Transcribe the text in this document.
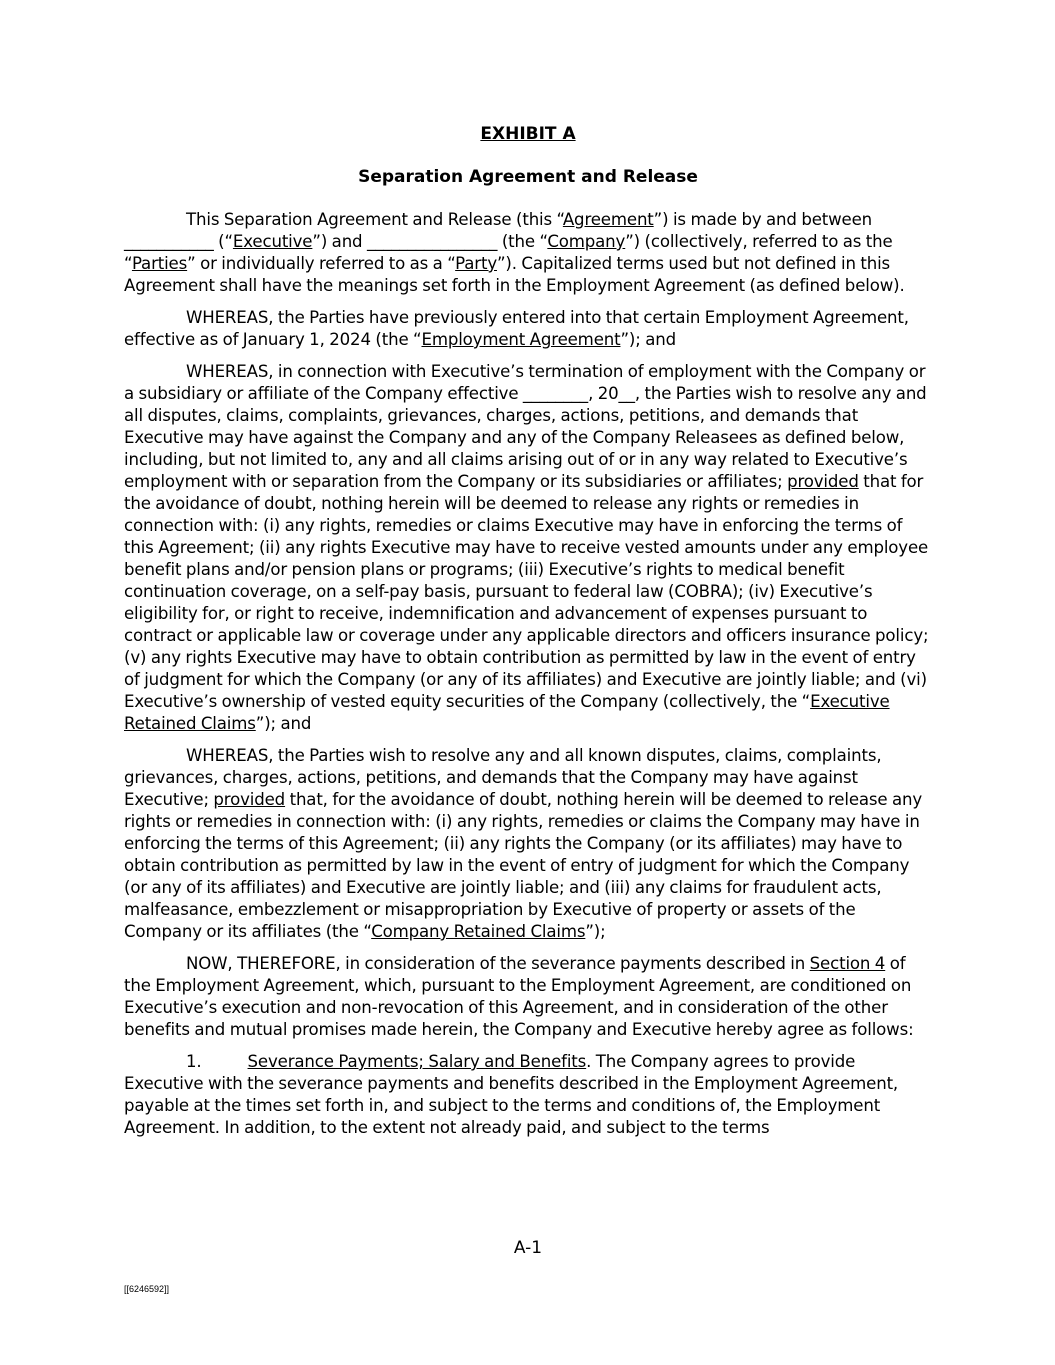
EXHIBIT A
Separation Agreement and Release

This Separation Agreement and Release (this “Agreement”) is made by and between ___________ (“Executive”) and ________________ (the “Company”) (collectively, referred to as the “Parties” or individually referred to as a “Party”). Capitalized terms used but not defined in this Agreement shall have the meanings set forth in the Employment Agreement (as defined below).

WHEREAS, the Parties have previously entered into that certain Employment Agreement, effective as of January 1, 2024 (the “Employment Agreement”); and

WHEREAS, in connection with Executive’s termination of employment with the Company or a subsidiary or affiliate of the Company effective ________, 20__, the Parties wish to resolve any and all disputes, claims, complaints, grievances, charges, actions, petitions, and demands that Executive may have against the Company and any of the Company Releasees as defined below, including, but not limited to, any and all claims arising out of or in any way related to Executive’s employment with or separation from the Company or its subsidiaries or affiliates; provided that for the avoidance of doubt, nothing herein will be deemed to release any rights or remedies in connection with: (i) any rights, remedies or claims Executive may have in enforcing the terms of this Agreement; (ii) any rights Executive may have to receive vested amounts under any employee benefit plans and/or pension plans or programs; (iii) Executive’s rights to medical benefit continuation coverage, on a self-pay basis, pursuant to federal law (COBRA); (iv) Executive’s eligibility for, or right to receive, indemnification and advancement of expenses pursuant to contract or applicable law or coverage under any applicable directors and officers insurance policy; (v) any rights Executive may have to obtain contribution as permitted by law in the event of entry of judgment for which the Company (or any of its affiliates) and Executive are jointly liable; and (vi) Executive’s ownership of vested equity securities of the Company (collectively, the “Executive Retained Claims”); and

WHEREAS, the Parties wish to resolve any and all known disputes, claims, complaints, grievances, charges, actions, petitions, and demands that the Company may have against Executive; provided that, for the avoidance of doubt, nothing herein will be deemed to release any rights or remedies in connection with: (i) any rights, remedies or claims the Company may have in enforcing the terms of this Agreement; (ii) any rights the Company (or its affiliates) may have to obtain contribution as permitted by law in the event of entry of judgment for which the Company (or any of its affiliates) and Executive are jointly liable; and (iii) any claims for fraudulent acts, malfeasance, embezzlement or misappropriation by Executive of property or assets of the Company or its affiliates (the “Company Retained Claims”);

NOW, THEREFORE, in consideration of the severance payments described in Section 4 of the Employment Agreement, which, pursuant to the Employment Agreement, are conditioned on Executive’s execution and non-revocation of this Agreement, and in consideration of the other benefits and mutual promises made herein, the Company and Executive hereby agree as follows:

1.	Severance Payments; Salary and Benefits. The Company agrees to provide Executive with the severance payments and benefits described in the Employment Agreement, payable at the times set forth in, and subject to the terms and conditions of, the Employment Agreement. In addition, to the extent not already paid, and subject to the terms

A-1
[[6246592]]
